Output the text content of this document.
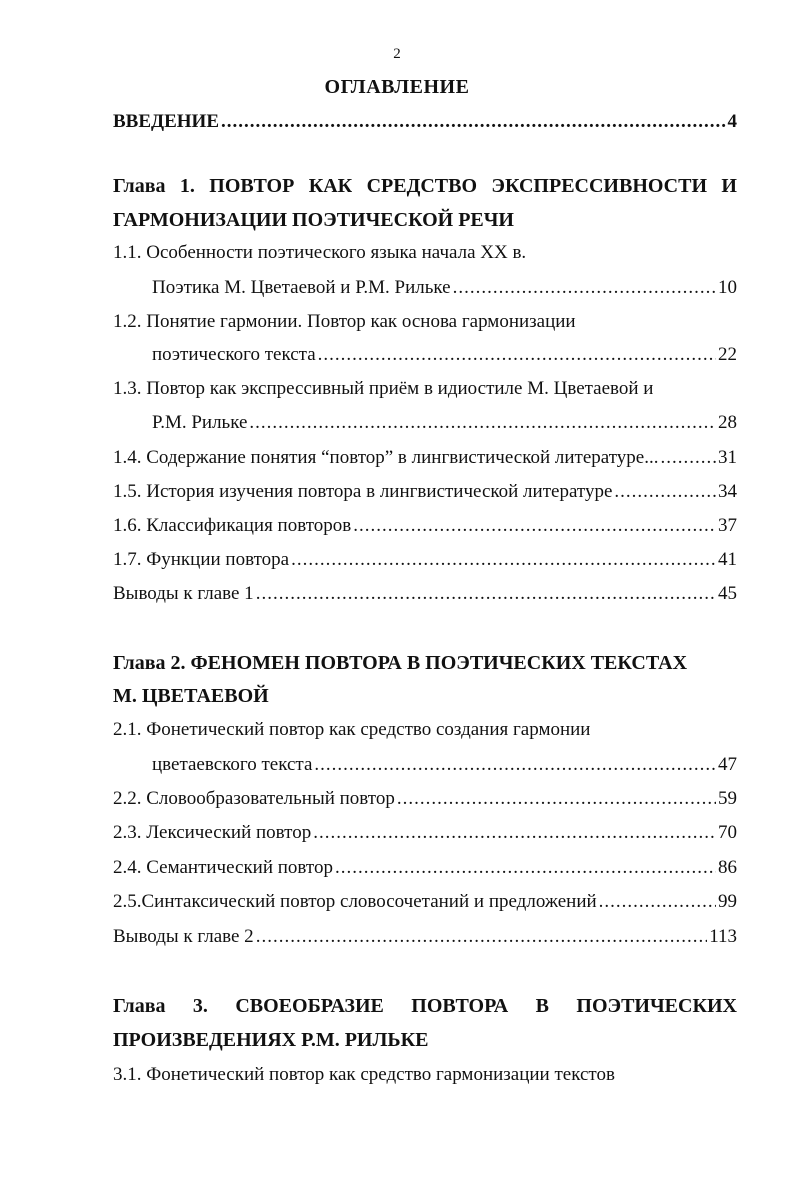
2
ОГЛАВЛЕНИЕ
ВВЕДЕНИЕ .....	4
Глава 1. ПОВТОР КАК СРЕДСТВО ЭКСПРЕССИВНОСТИ И
ГАРМОНИЗАЦИИ ПОЭТИЧЕСКОЙ РЕЧИ
1.1. Особенности поэтического языка начала XX в.
Поэтика М. Цветаевой и Р.М. Рильке .....	10
1.2. Понятие гармонии. Повтор как основа гармонизации
поэтического текста .....	22
1.3. Повтор как экспрессивный приём в идиостиле М. Цветаевой и
Р.М. Рильке .....	28
1.4. Содержание понятия “повтор” в лингвистической литературе... .....	31
1.5. История изучения повтора в лингвистической литературе .....	34
1.6. Классификация повторов .....	37
1.7. Функции повтора .....	41
Выводы к главе 1 .....	45
Глава 2. ФЕНОМЕН ПОВТОРА В ПОЭТИЧЕСКИХ ТЕКСТАХ
М. ЦВЕТАЕВОЙ
2.1. Фонетический повтор как средство создания гармонии
цветаевского текста .....	47
2.2. Словообразовательный повтор .....	59
2.3. Лексический повтор .....	70
2.4. Семантический повтор .....	86
2.5.Синтаксический повтор словосочетаний и предложений .....	99
Выводы к главе 2 .....	113
Глава 3. СВОЕОБРАЗИЕ ПОВТОРА В ПОЭТИЧЕСКИХ
ПРОИЗВЕДЕНИЯХ Р.М. РИЛЬКЕ
3.1. Фонетический повтор как средство гармонизации текстов
